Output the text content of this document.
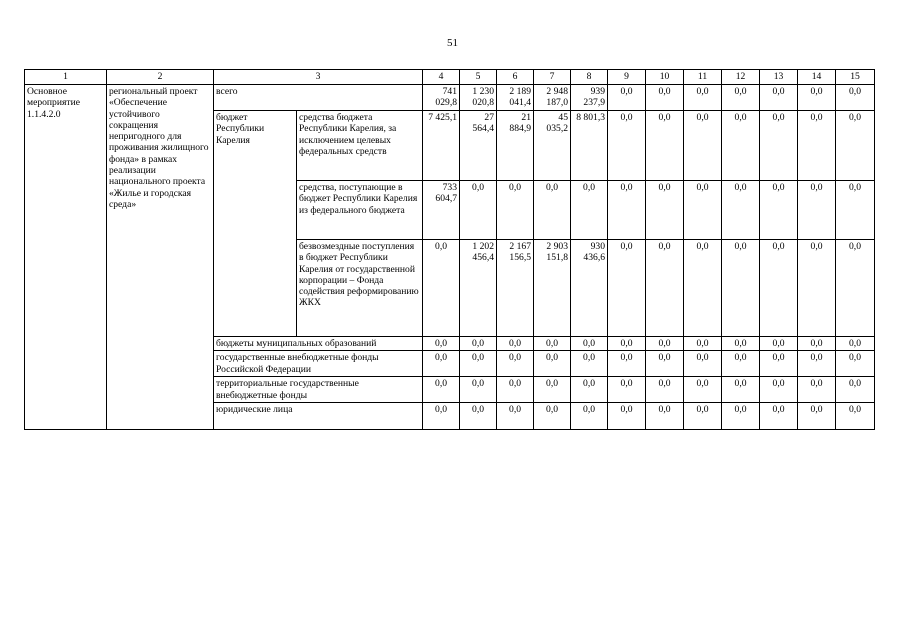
51
1	2	3		4	5	6	7	8	9	10	11	12	13	14	15
Основное мероприятие 1.1.4.2.0	региональный проект «Обеспечение устойчивого сокращения непригодного для проживания жилищного фонда» в рамках реализации национального проекта «Жилье и городская среда»	всего		741 029,8	1 230 020,8	2 189 041,4	2 948 187,0	939 237,9	0,0	0,0	0,0	0,0	0,0	0,0	0,0
		бюджет Республики Карелия	средства бюджета Республики Карелия, за исключением целевых федеральных средств	7 425,1	27 564,4	21 884,9	45 035,2	8 801,3	0,0	0,0	0,0	0,0	0,0	0,0	0,0
			средства, поступающие в бюджет Республики Карелия из федерального бюджета	733 604,7	0,0	0,0	0,0	0,0	0,0	0,0	0,0	0,0	0,0	0,0	0,0
			безвозмездные поступления в бюджет Республики Карелия от государственной корпорации – Фонда содействия реформированию ЖКХ	0,0	1 202 456,4	2 167 156,5	2 903 151,8	930 436,6	0,0	0,0	0,0	0,0	0,0	0,0	0,0
		бюджеты муниципальных образований		0,0	0,0	0,0	0,0	0,0	0,0	0,0	0,0	0,0	0,0	0,0	0,0
		государственные внебюджетные фонды Российской Федерации		0,0	0,0	0,0	0,0	0,0	0,0	0,0	0,0	0,0	0,0	0,0	0,0
		территориальные государственные внебюджетные фонды		0,0	0,0	0,0	0,0	0,0	0,0	0,0	0,0	0,0	0,0	0,0	0,0
		юридические лица		0,0	0,0	0,0	0,0	0,0	0,0	0,0	0,0	0,0	0,0	0,0	0,0
